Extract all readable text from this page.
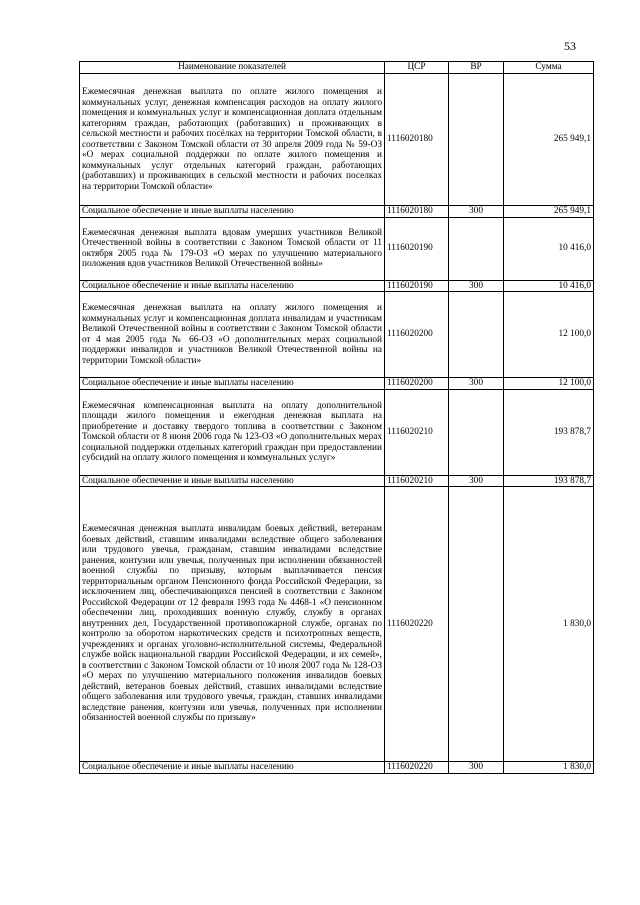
53
Наименование показателей	ЦСР	ВР	Сумма
Ежемесячная денежная выплата по оплате жилого помещения и коммунальных услуг, денежная компенсация расходов на оплату жилого помещения и коммунальных услуг и компенсационная доплата отдельным категориям граждан, работающих (работавших) и проживающих в сельской местности и рабочих посёлках на территории Томской области, в соответствии с Законом Томской области от 30 апреля 2009 года № 59-ОЗ «О мерах социальной поддержки по оплате жилого помещения и коммунальных услуг отдельных категорий граждан, работающих (работавших) и проживающих в сельской местности и рабочих поселках на территории Томской области»	1116020180		265 949,1
Социальное обеспечение и иные выплаты населению	1116020180	300	265 949,1
Ежемесячная денежная выплата вдовам умерших участников Великой Отечественной войны в соответствии с Законом Томской области от 11 октября 2005 года № 179-ОЗ «О мерах по улучшению материального положения вдов участников Великой Отечественной войны»	1116020190		10 416,0
Социальное обеспечение и иные выплаты населению	1116020190	300	10 416,0
Ежемесячная денежная выплата на оплату жилого помещения и коммунальных услуг и компенсационная доплата инвалидам и участникам Великой Отечественной войны в соответствии с Законом Томской области от 4 мая 2005 года № 66-ОЗ «О дополнительных мерах социальной поддержки инвалидов и участников Великой Отечественной войны на территории Томской области»	1116020200		12 100,0
Социальное обеспечение и иные выплаты населению	1116020200	300	12 100,0
Ежемесячная компенсационная выплата на оплату дополнительной площади жилого помещения и ежегодная денежная выплата на приобретение и доставку твердого топлива в соответствии с Законом Томской области от 8 июня 2006 года № 123-ОЗ «О дополнительных мерах социальной поддержки отдельных категорий граждан при предоставлении субсидий на оплату жилого помещения и коммунальных услуг»	1116020210		193 878,7
Социальное обеспечение и иные выплаты населению	1116020210	300	193 878,7
Ежемесячная денежная выплата инвалидам боевых действий, ветеранам боевых действий, ставшим инвалидами вследствие общего заболевания или трудового увечья, гражданам, ставшим инвалидами вследствие ранения, контузии или увечья, полученных при исполнении обязанностей военной службы по призыву, которым выплачивается пенсия территориальным органом Пенсионного фонда Российской Федерации, за исключением лиц, обеспечивающихся пенсией в соответствии с Законом Российской Федерации от 12 февраля 1993 года № 4468-1 «О пенсионном обеспечении лиц, проходивших военную службу, службу в органах внутренних дел, Государственной противопожарной службе, органах по контролю за оборотом наркотических средств и психотропных веществ, учреждениях и органах уголовно-исполнительной системы, Федеральной службе войск национальной гвардии Российской Федерации, и их семей», в соответствии с Законом Томской области от 10 июля 2007 года № 128-ОЗ «О мерах по улучшению материального положения инвалидов боевых действий, ветеранов боевых действий, ставших инвалидами вследствие общего заболевания или трудового увечья, граждан, ставших инвалидами вследствие ранения, контузии или увечья, полученных при исполнении обязанностей военной службы по призыву»	1116020220		1 830,0
Социальное обеспечение и иные выплаты населению	1116020220	300	1 830,0
